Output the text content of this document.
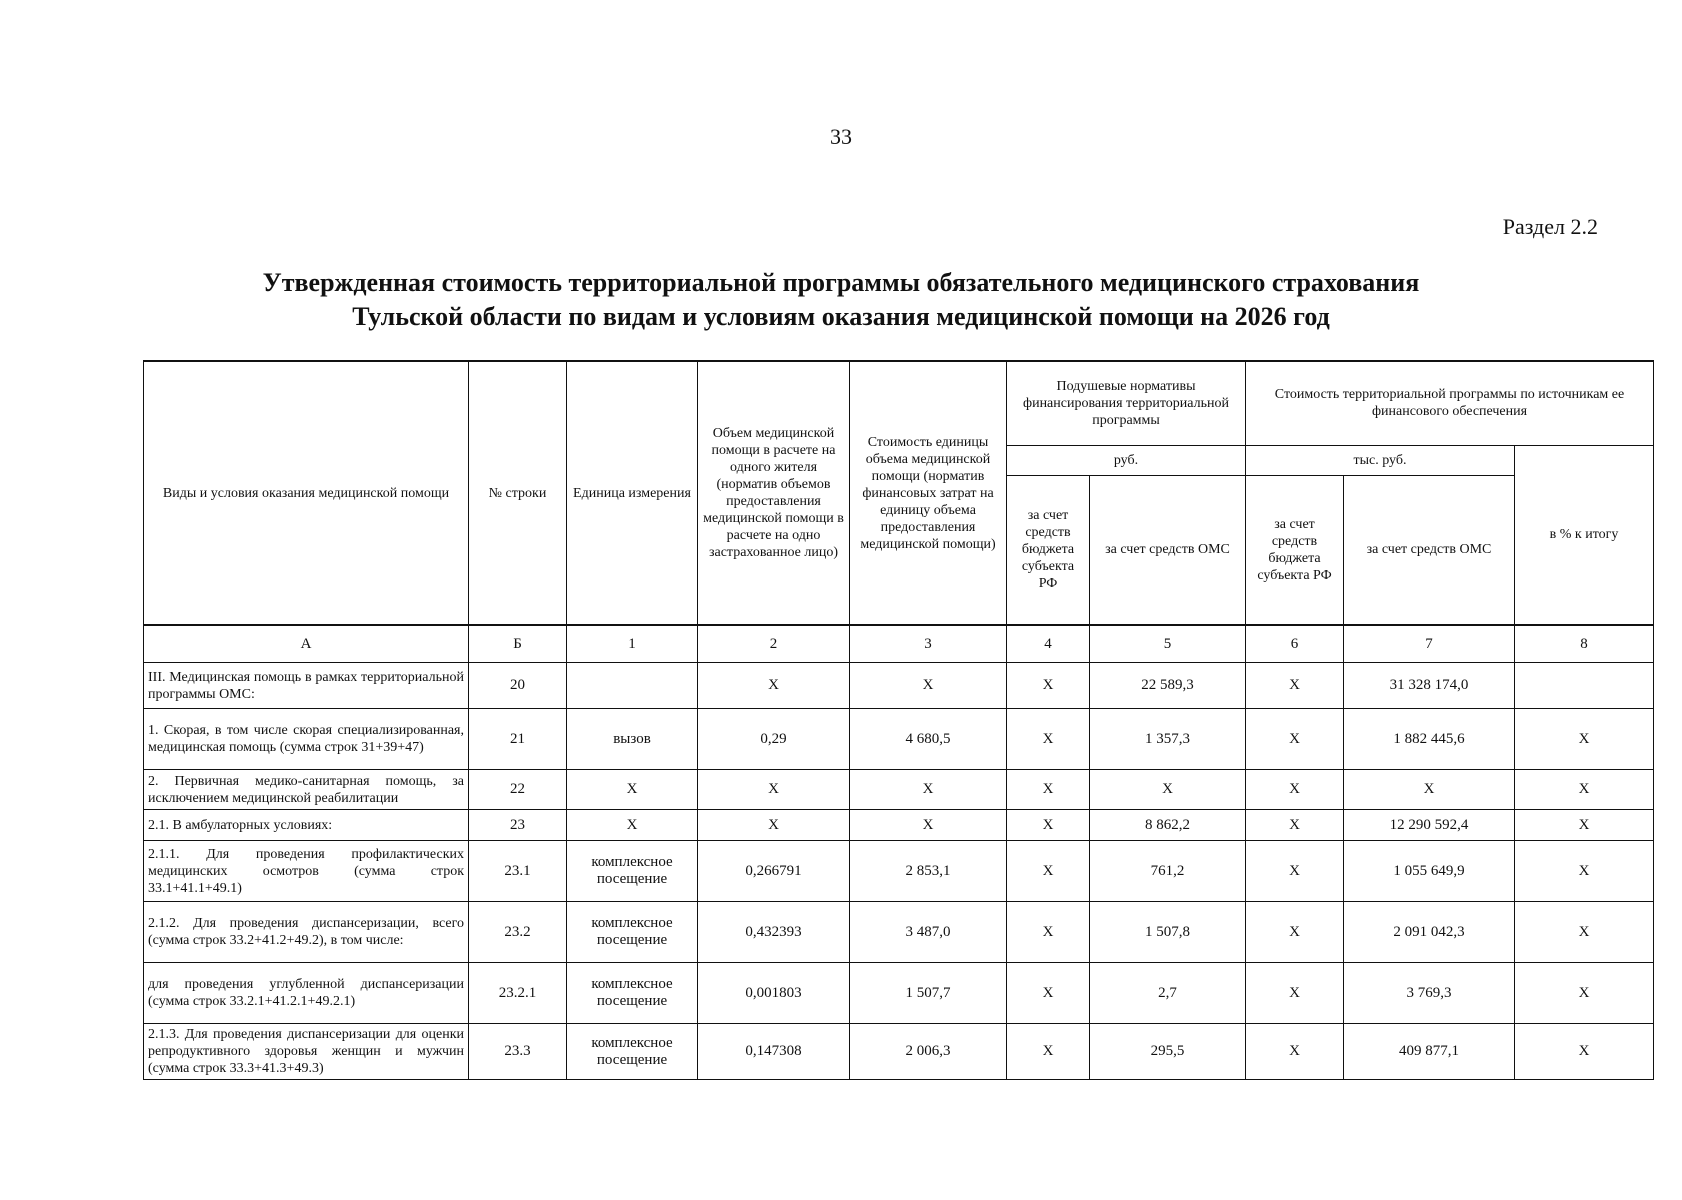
33
Раздел 2.2
Утвержденная стоимость территориальной программы обязательного медицинского страхования
Тульской области по видам и условиям оказания медицинской помощи на 2026 год
Виды и условия оказания медицинской помощи	№ строки	Единица измерения	Объем медицинской помощи в расчете на одного жителя (норматив объемов предоставления медицинской помощи в расчете на одно застрахованное лицо)	Стоимость единицы объема медицинской помощи (норматив финансовых затрат на единицу объема предоставления медицинской помощи)	Подушевые нормативы финансирования территориальной программы		Стоимость территориальной программы по источникам ее финансового обеспечения		
					руб.		тыс. руб.		в % к итогу
					за счет средств бюджета субъекта РФ	за счет средств ОМС	за счет средств бюджета субъекта РФ	за счет средств ОМС	
А	Б	1	2	3	4	5	6	7	8
III. Медицинская помощь в рамках территориальной программы ОМС:	20		Х	Х	Х	22 589,3	Х	31 328 174,0	
1. Скорая, в том числе скорая специализированная, медицинская помощь (сумма строк 31+39+47)	21	вызов	0,29	4 680,5	Х	1 357,3	Х	1 882 445,6	Х
2. Первичная медико-санитарная помощь, за исключением медицинской реабилитации	22	Х	Х	Х	Х	Х	Х	Х	Х
2.1. В амбулаторных условиях:	23	Х	Х	Х	Х	8 862,2	Х	12 290 592,4	Х
2.1.1. Для проведения профилактических медицинских осмотров (сумма строк 33.1+41.1+49.1)	23.1	комплексное посещение	0,266791	2 853,1	Х	761,2	Х	1 055 649,9	Х
2.1.2. Для проведения диспансеризации, всего (сумма строк 33.2+41.2+49.2), в том числе:	23.2	комплексное посещение	0,432393	3 487,0	Х	1 507,8	Х	2 091 042,3	Х
для проведения углубленной диспансеризации (сумма строк 33.2.1+41.2.1+49.2.1)	23.2.1	комплексное посещение	0,001803	1 507,7	Х	2,7	Х	3 769,3	Х
2.1.3. Для проведения диспансеризации для оценки репродуктивного здоровья женщин и мужчин (сумма строк 33.3+41.3+49.3)	23.3	комплексное посещение	0,147308	2 006,3	Х	295,5	Х	409 877,1	Х
